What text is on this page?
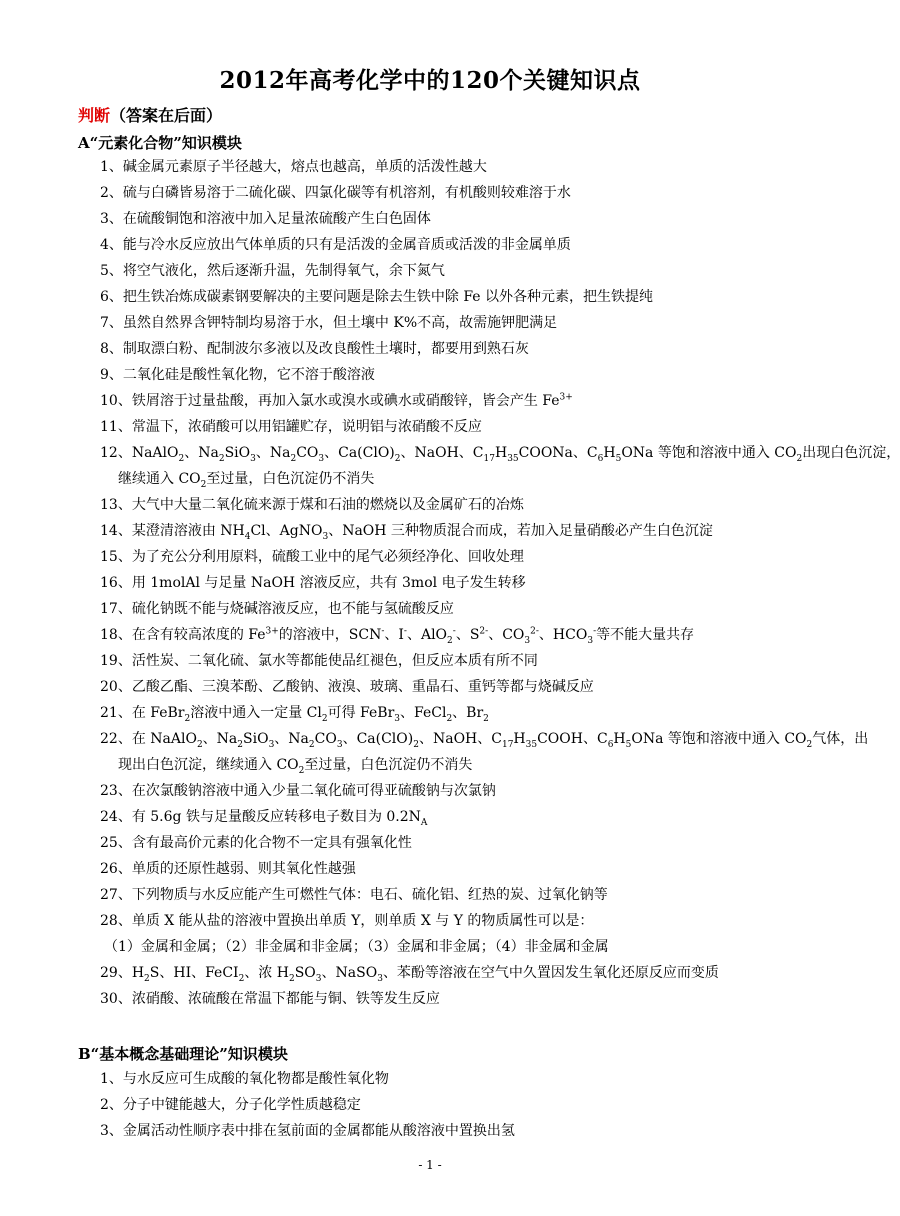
2012年高考化学中的120个关键知识点
判断（答案在后面）
A“元素化合物”知识模块
1、碱金属元素原子半径越大，熔点也越高，单质的活泼性越大
2、硫与白磷皆易溶于二硫化碳、四氯化碳等有机溶剂，有机酸则较难溶于水
3、在硫酸铜饱和溶液中加入足量浓硫酸产生白色固体
4、能与冷水反应放出气体单质的只有是活泼的金属音质或活泼的非金属单质
5、将空气液化，然后逐渐升温，先制得氧气，余下氮气
6、把生铁冶炼成碳素钢要解决的主要问题是除去生铁中除 Fe 以外各种元素，把生铁提纯
7、虽然自然界含钾特制均易溶于水，但土壤中 K%不高，故需施钾肥满足
8、制取漂白粉、配制波尔多液以及改良酸性土壤时，都要用到熟石灰
9、二氧化硅是酸性氧化物，它不溶于酸溶液
10、铁屑溶于过量盐酸，再加入氯水或溴水或碘水或硝酸锌，皆会产生 $Fe^{3+}$
11、常温下，浓硝酸可以用铝罐贮存，说明铝与浓硝酸不反应
12、NaAlO$_2$、$Na_2SiO_3$、$Na_2CO_3$、$Ca(ClO)_2$、NaOH、$C_{17}H_{35}COONa$、$C_6H_5ONa$ 等饱和溶液中通入 $CO_2$出现白色沉淀，
继续通入 $CO_2$至过量，白色沉淀仍不消失
13、大气中大量二氧化硫来源于煤和石油的燃烧以及金属矿石的冶炼
14、某澄清溶液由 $NH_4Cl$、AgNO$_3$、NaOH 三种物质混合而成，若加入足量硝酸必产生白色沉淀
15、为了充公分利用原料，硫酸工业中的尾气必须经净化、回收处理
16、用 1molAl 与足量 NaOH 溶液反应，共有 3mol 电子发生转移
17、硫化钠既不能与烧碱溶液反应，也不能与氢硫酸反应
18、在含有较高浓度的 $Fe^{3+}$的溶液中，SCN-、I-、AlO$_2$-、$S^{2-}$、$CO_3^{2-}$、$HCO_3^-$等不能大量共存
19、活性炭、二氧化硫、氯水等都能使品红褪色，但反应本质有所不同
20、乙酸乙酯、三溴苯酚、乙酸钠、液溴、玻璃、重晶石、重钙等都与烧碱反应
21、在 FeBr$_2$溶液中通入一定量 $Cl_2$可得 FeBr$_3$、FeCl$_2$、$Br_2$
22、在 NaAlO$_2$、$Na_2SiO_3$、$Na_2CO_3$、$Ca(ClO)_2$、NaOH、$C_{17}H_{35}COOH$、$C_6H_5ONa$ 等饱和溶液中通入 $CO_2$气体，出
现出白色沉淀，继续通入 $CO_2$至过量，白色沉淀仍不消失
23、在次氯酸钠溶液中通入少量二氧化硫可得亚硫酸钠与次氯钠
24、有 5.6g 铁与足量酸反应转移电子数目为 $0.2N_A$
25、含有最高价元素的化合物不一定具有强氧化性
26、单质的还原性越弱、则其氧化性越强
27、下列物质与水反应能产生可燃性气体：电石、硫化铝、红热的炭、过氧化钠等
28、单质 X 能从盐的溶液中置换出单质 Y，则单质 X 与 Y 的物质属性可以是：
（1）金属和金属；（2）非金属和非金属；（3）金属和非金属；（4）非金属和金属
29、$H_2S$、HI、FeCI$_2$、浓 $H_2SO_3$、NaSO$_3$、苯酚等溶液在空气中久置因发生氧化还原反应而变质
30、浓硝酸、浓硫酸在常温下都能与铜、铁等发生反应
B“基本概念基础理论”知识模块
1、与水反应可生成酸的氧化物都是酸性氧化物
2、分子中键能越大，分子化学性质越稳定
3、金属活动性顺序表中排在氢前面的金属都能从酸溶液中置换出氢
- 1 -
